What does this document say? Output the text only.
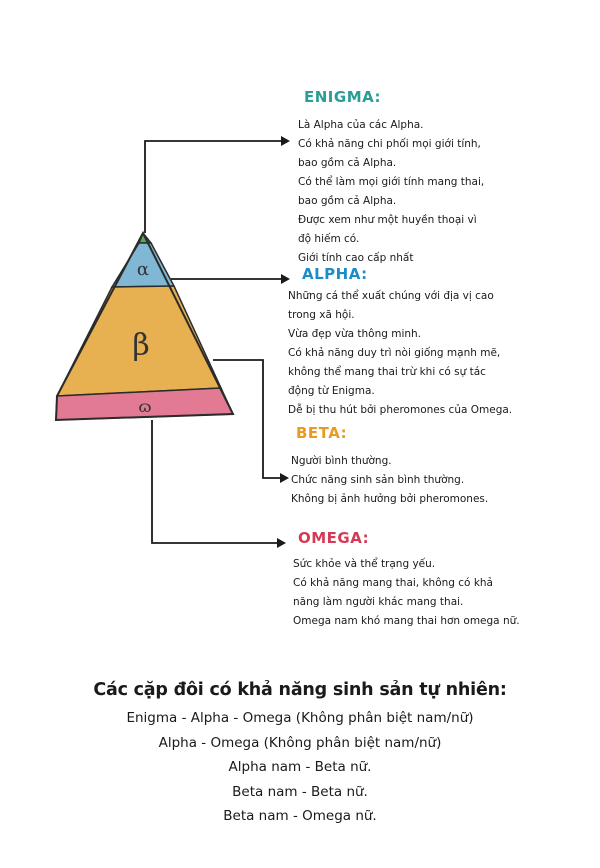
α
β
ɷ
ENIGMA:
Là Alpha của các Alpha.
Có khả năng chi phối mọi giới tính,
bao gồm cả Alpha.
Có thể làm mọi giới tính mang thai,
bao gồm cả Alpha.
Được xem như một huyền thoại vì
độ hiếm có.
Giới tính cao cấp nhất
ALPHA:
Những cá thể xuất chúng với địa vị cao
trong xã hội.
Vừa đẹp vừa thông minh.
Có khả năng duy trì nòi giống mạnh mẽ,
không thể mang thai trừ khi có sự tác
động từ Enigma.
Dễ bị thu hút bởi pheromones của Omega.
BETA:
Người bình thường.
Chức năng sinh sản bình thường.
Không bị ảnh hưởng bởi pheromones.
OMEGA:
Sức khỏe và thể trạng yếu.
Có khả năng mang thai, không có khả
năng làm người khác mang thai.
Omega nam khó mang thai hơn omega nữ.
Các cặp đôi có khả năng sinh sản tự nhiên:
Enigma - Alpha - Omega (Không phân biệt nam/nữ)
Alpha - Omega (Không phân biệt nam/nữ)
Alpha nam - Beta nữ.
Beta nam - Beta nữ.
Beta nam - Omega nữ.
